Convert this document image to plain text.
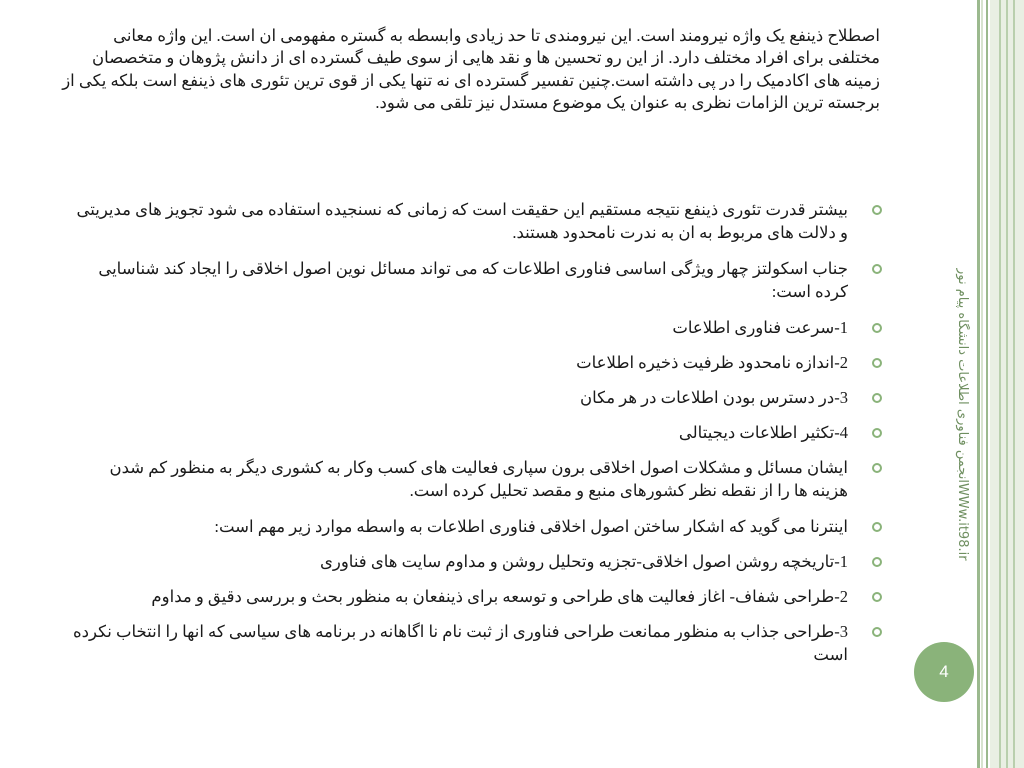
WWw.it98.irانجمن فناوری اطلاعات دانشگاه پیام نور
4

اصطلاح ذینفع یک واژه نیرومند است. این نیرومندی تا حد زیادی وابسطه به گستره مفهومی ان است. این واژه معانی مختلفی برای افراد مختلف دارد. از این رو تحسین ها و نقد هایی از سوی طیف گسترده ای از دانش پژوهان و متخصصان زمینه های اکادمیک را در پی داشته است.چنین تفسیر گسترده ای نه تنها یکی از قوی ترین تئوری های ذینفع است بلکه یکی از برجسته ترین الزامات نظری به عنوان یک موضوع مستدل نیز تلقی می شود.

بیشتر قدرت تئوری ذینفع نتیجه مستقیم این حقیقت است که زمانی که نسنجیده استفاده می شود تجویز های مدیریتی و دلالت های مربوط به ان به ندرت نامحدود هستند.
جناب اسکولتز چهار ویژگی اساسی فناوری اطلاعات که می تواند مسائل نوین اصول اخلاقی را ایجاد کند شناسایی کرده است:
1-سرعت فناوری اطلاعات
2-اندازه نامحدود ظرفیت ذخیره اطلاعات
3-در دسترس بودن اطلاعات در هر مکان
4-تکثیر اطلاعات دیجیتالی
ایشان مسائل و مشکلات اصول اخلاقی برون سپاری فعالیت های کسب وکار به کشوری دیگر به منظور کم شدن هزینه ها را از نقطه نظر کشورهای منبع و مقصد تحلیل کرده است.
اینترنا می گوید که اشکار ساختن اصول اخلاقی فناوری اطلاعات به واسطه موارد زیر مهم است:
1-تاریخچه روشن اصول اخلاقی-تجزیه وتحلیل روشن و مداوم سایت های فناوری
2-طراحی شفاف- اغاز فعالیت های طراحی و توسعه برای ذینفعان به منظور بحث و بررسی دقیق و مداوم
3-طراحی جذاب به منظور ممانعت طراحی فناوری از ثبت نام نا اگاهانه در برنامه های سیاسی که انها را انتخاب نکرده است
